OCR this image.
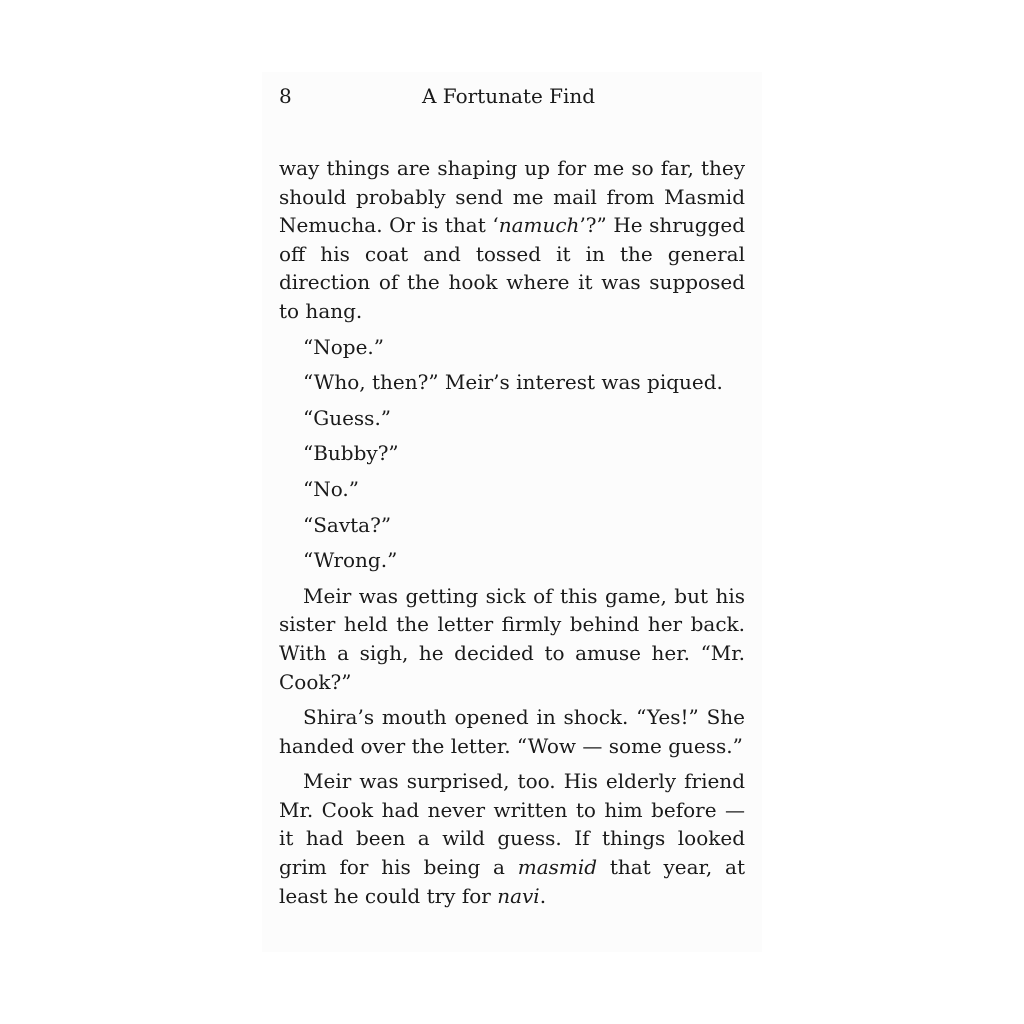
8	A Fortunate Find

way things are shaping up for me so far, they should probably send me mail from Masmid Nemucha. Or is that ‘namuch’?” He shrugged off his coat and tossed it in the general direction of the hook where it was supposed to hang.

“Nope.”

“Who, then?” Meir’s interest was piqued.

“Guess.”

“Bubby?”

“No.”

“Savta?”

“Wrong.”

Meir was getting sick of this game, but his sister held the letter firmly behind her back. With a sigh, he decided to amuse her. “Mr. Cook?”

Shira’s mouth opened in shock. “Yes!” She handed over the letter. “Wow — some guess.”

Meir was surprised, too. His elderly friend Mr. Cook had never written to him before — it had been a wild guess. If things looked grim for his being a masmid that year, at least he could try for navi.
